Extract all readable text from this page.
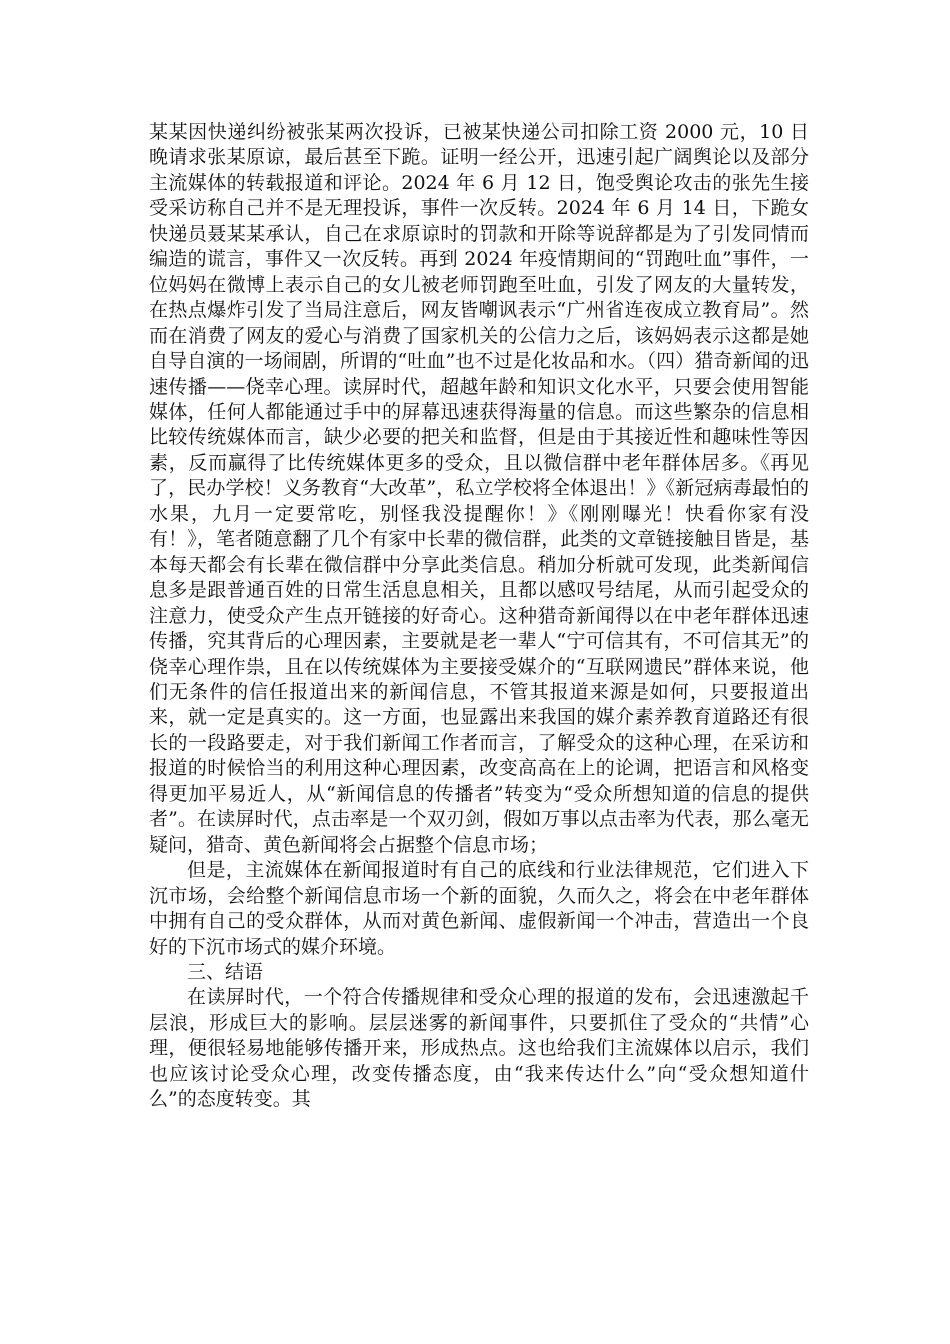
某某因快递纠纷被张某两次投诉，已被某快递公司扣除工资 2000 元，10 日晚请求张某原谅，最后甚至下跪。证明一经公开，迅速引起广阔舆论以及部分主流媒体的转载报道和评论。2024 年 6 月 12 日，饱受舆论攻击的张先生接受采访称自己并不是无理投诉，事件一次反转。2024 年 6 月 14 日，下跪女快递员聂某某承认，自己在求原谅时的罚款和开除等说辞都是为了引发同情而编造的谎言，事件又一次反转。再到 2024 年疫情期间的“罚跑吐血”事件，一位妈妈在微博上表示自己的女儿被老师罚跑至吐血，引发了网友的大量转发，在热点爆炸引发了当局注意后，网友皆嘲讽表示“广州省连夜成立教育局”。然而在消费了网友的爱心与消费了国家机关的公信力之后，该妈妈表示这都是她自导自演的一场闹剧，所谓的“吐血”也不过是化妆品和水。（四）猎奇新闻的迅速传播——侥幸心理。读屏时代，超越年龄和知识文化水平，只要会使用智能媒体，任何人都能通过手中的屏幕迅速获得海量的信息。而这些繁杂的信息相比较传统媒体而言，缺少必要的把关和监督，但是由于其接近性和趣味性等因素，反而赢得了比传统媒体更多的受众，且以微信群中老年群体居多。《再见了，民办学校！义务教育“大改革”，私立学校将全体退出！》《新冠病毒最怕的水果，九月一定要常吃，别怪我没提醒你！》《刚刚曝光！快看你家有没有！》，笔者随意翻了几个有家中长辈的微信群，此类的文章链接触目皆是，基本每天都会有长辈在微信群中分享此类信息。稍加分析就可发现，此类新闻信息多是跟普通百姓的日常生活息息相关，且都以感叹号结尾，从而引起受众的注意力，使受众产生点开链接的好奇心。这种猎奇新闻得以在中老年群体迅速传播，究其背后的心理因素，主要就是老一辈人“宁可信其有，不可信其无”的侥幸心理作祟，且在以传统媒体为主要接受媒介的“互联网遗民”群体来说，他们无条件的信任报道出来的新闻信息，不管其报道来源是如何，只要报道出来，就一定是真实的。这一方面，也显露出来我国的媒介素养教育道路还有很长的一段路要走，对于我们新闻工作者而言，了解受众的这种心理，在采访和报道的时候恰当的利用这种心理因素，改变高高在上的论调，把语言和风格变得更加平易近人，从“新闻信息的传播者”转变为“受众所想知道的信息的提供者”。在读屏时代，点击率是一个双刃剑，假如万事以点击率为代表，那么毫无疑问，猎奇、黄色新闻将会占据整个信息市场；

但是，主流媒体在新闻报道时有自己的底线和行业法律规范，它们进入下沉市场，会给整个新闻信息市场一个新的面貌，久而久之，将会在中老年群体中拥有自己的受众群体，从而对黄色新闻、虚假新闻一个冲击，营造出一个良好的下沉市场式的媒介环境。

三、结语

在读屏时代，一个符合传播规律和受众心理的报道的发布，会迅速激起千层浪，形成巨大的影响。层层迷雾的新闻事件，只要抓住了受众的“共情”心理，便很轻易地能够传播开来，形成热点。这也给我们主流媒体以启示，我们也应该讨论受众心理，改变传播态度，由“我来传达什么”向“受众想知道什么”的态度转变。其
